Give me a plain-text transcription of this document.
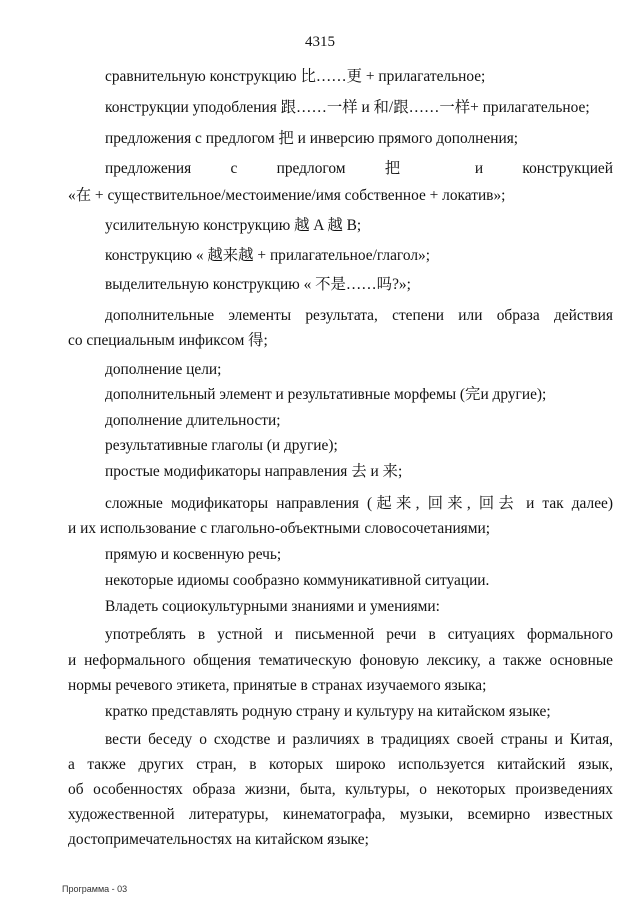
4315
сравнительную конструкцию 比……更 + прилагательное;
конструкции уподобления 跟……一样 и 和/跟……一样+ прилагательное;
предложения с предлогом 把 и инверсию прямого дополнения;
предложения с предлогом 把 и конструкцией
«在 + существительное/местоимение/имя собственное + локатив»;
усилительную конструкцию 越 A 越 B;
конструкцию « 越来越 + прилагательное/глагол»;
выделительную конструкцию « 不是……吗?»;
дополнительные элементы результата, степени или образа действия
со специальным инфиксом 得;
дополнение цели;
дополнительный элемент и результативные морфемы (完и другие);
дополнение длительности;
результативные глаголы (и другие);
простые модификаторы направления 去 и 来;
сложные модификаторы направления (起来, 回来, 回去 и так далее)
и их использование с глагольно-объектными словосочетаниями;
прямую и косвенную речь;
некоторые идиомы сообразно коммуникативной ситуации.
Владеть социокультурными знаниями и умениями:
употреблять в устной и письменной речи в ситуациях формального
и неформального общения тематическую фоновую лексику, а также основные
нормы речевого этикета, принятые в странах изучаемого языка;
кратко представлять родную страну и культуру на китайском языке;
вести беседу о сходстве и различиях в традициях своей страны и Китая,
а также других стран, в которых широко используется китайский язык,
об особенностях образа жизни, быта, культуры, о некоторых произведениях
художественной литературы, кинематографа, музыки, всемирно известных
достопримечательностях на китайском языке;
Программа - 03
